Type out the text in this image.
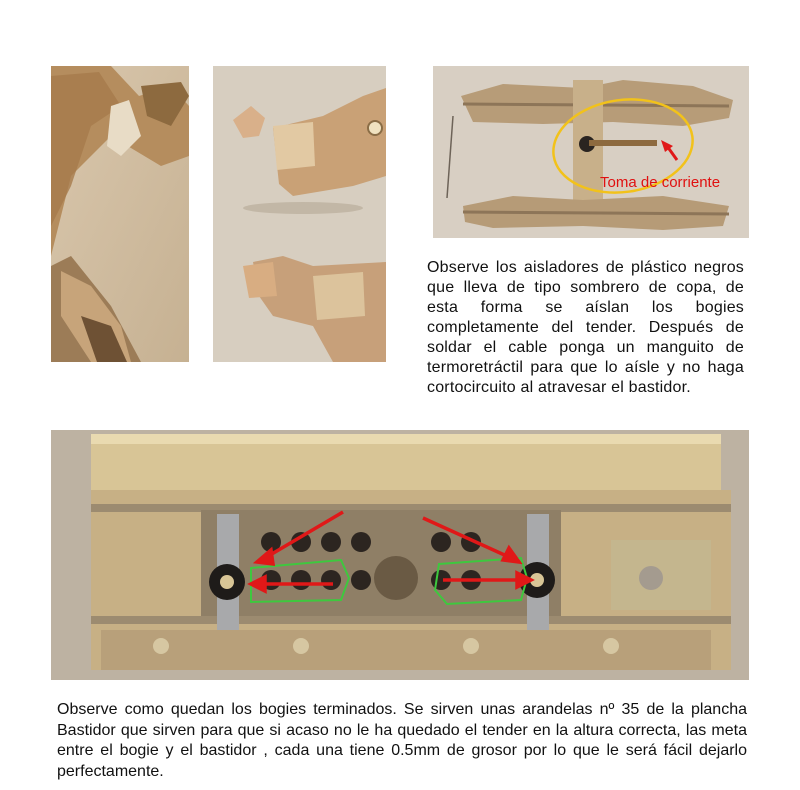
Toma de corriente
Observe los aisladores de plástico negros que lleva de tipo sombrero de copa, de esta forma se aíslan los bogies completamente del tender. Después de soldar el cable ponga un manguito de termoretráctil para que lo aísle y no haga cortocircuito al atravesar el bastidor.
Observe como quedan los bogies terminados. Se sirven unas arandelas nº 35 de la plancha Bastidor que sirven para que si acaso no le ha quedado el tender en la altura correcta, las meta entre el bogie y el bastidor , cada una tiene 0.5mm de grosor por lo que le será fácil dejarlo perfectamente.
